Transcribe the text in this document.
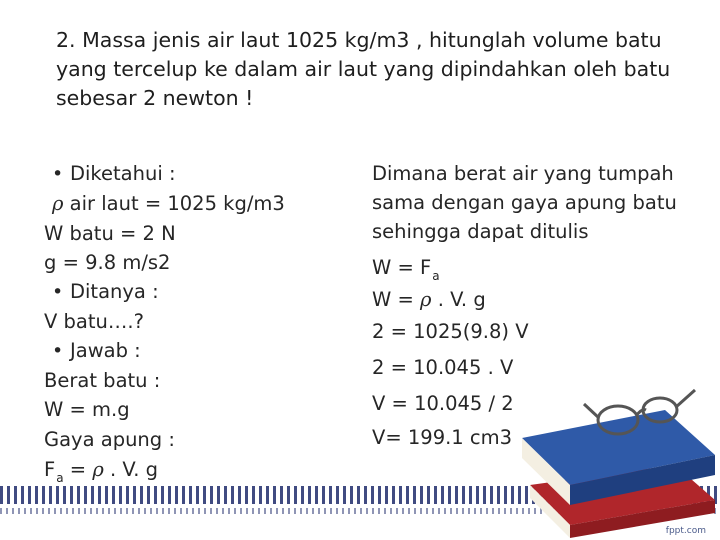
2. Massa jenis air laut 1025 kg/m3 , hitunglah volume batu yang tercelup ke dalam air laut yang dipindahkan oleh batu sebesar 2 newton !
• Diketahui :
ρ air laut = 1025 kg/m3
W batu = 2 N
g = 9.8 m/s2
• Ditanya :
V batu….?
• Jawab :
Berat batu :
W = m.g
Gaya apung :
$F_a = \rho$ . V. g
Dimana berat air yang tumpah
sama dengan gaya apung batu
sehingga dapat ditulis
$W = F_a$
W = ρ . V. g
2 = 1025(9.8) V
2 = 10.045 . V
V = 10.045 / 2
V= 199.1 cm3
fppt.com
